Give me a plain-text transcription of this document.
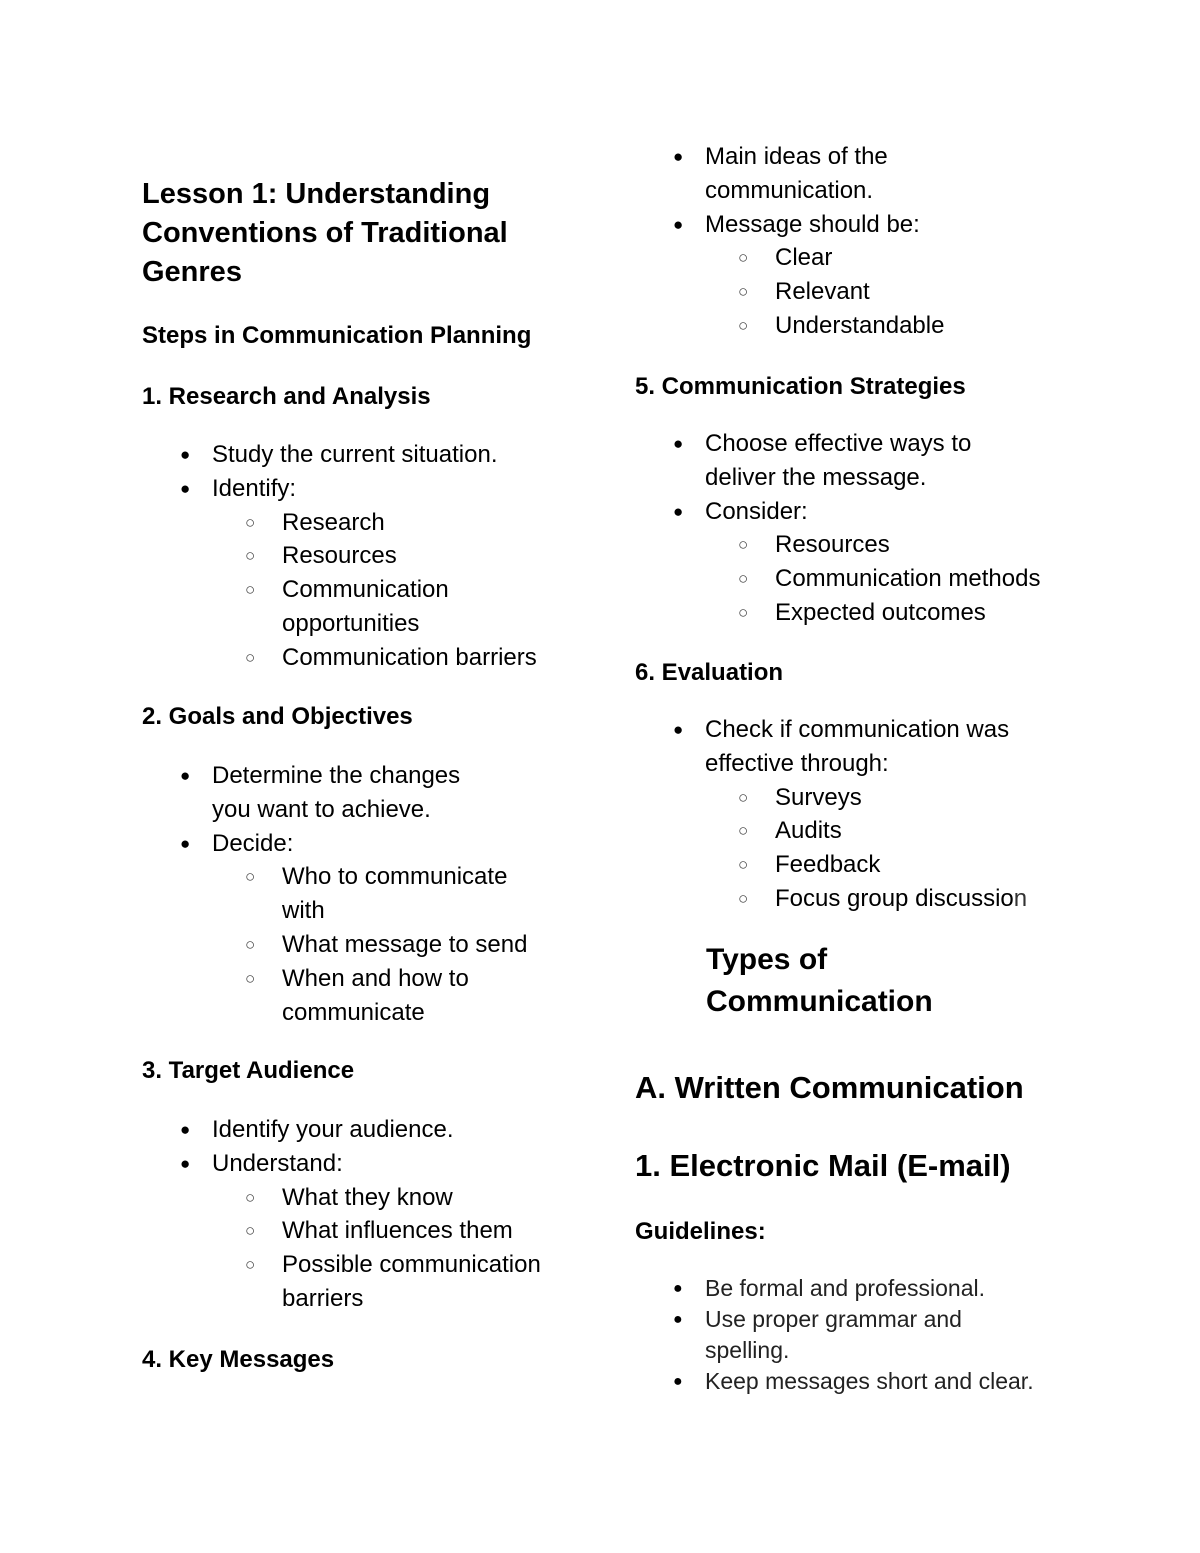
Lesson 1: Understanding Conventions of Traditional Genres
Steps in Communication Planning
1. Research and Analysis
● Study the current situation.
● Identify:
○ Research
○ Resources
○ Communication opportunities
○ Communication barriers
2. Goals and Objectives
● Determine the changes you want to achieve.
● Decide:
○ Who to communicate with
○ What message to send
○ When and how to communicate
3. Target Audience
● Identify your audience.
● Understand:
○ What they know
○ What influences them
○ Possible communication barriers
4. Key Messages
● Main ideas of the communication.
● Message should be:
○ Clear
○ Relevant
○ Understandable
5. Communication Strategies
● Choose effective ways to deliver the message.
● Consider:
○ Resources
○ Communication methods
○ Expected outcomes
6. Evaluation
● Check if communication was effective through:
○ Surveys
○ Audits
○ Feedback
○ Focus group discussion
Types of Communication
A. Written Communication
1. Electronic Mail (E-mail)
Guidelines:
● Be formal and professional.
● Use proper grammar and spelling.
● Keep messages short and clear.
